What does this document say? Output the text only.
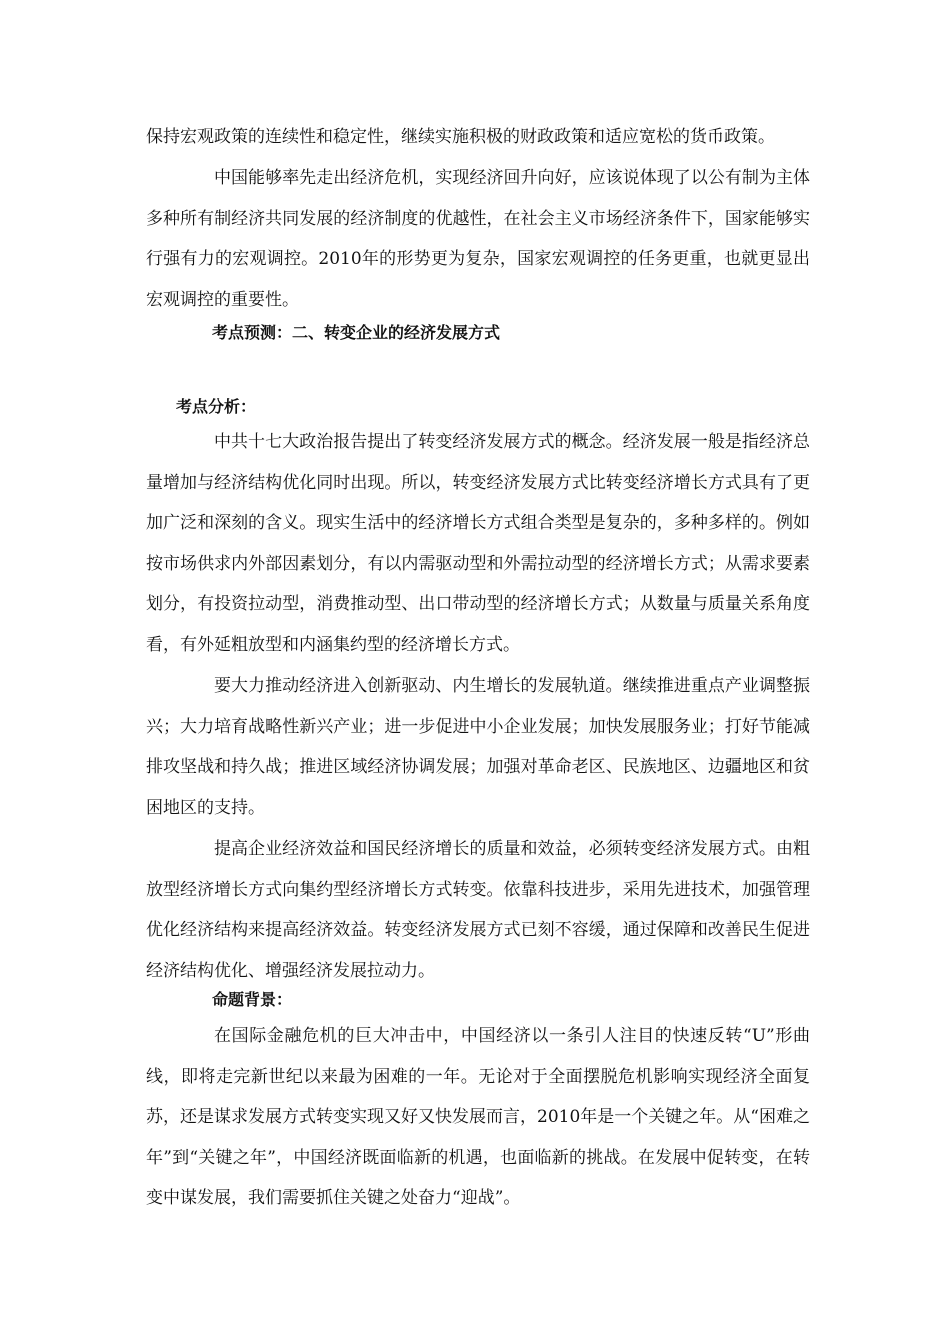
保持宏观政策的连续性和稳定性，继续实施积极的财政政策和适应宽松的货币政策。

中国能够率先走出经济危机，实现经济回升向好，应该说体现了以公有制为主体多种所有制经济共同发展的经济制度的优越性，在社会主义市场经济条件下，国家能够实行强有力的宏观调控。2010年的形势更为复杂，国家宏观调控的任务更重，也就更显出宏观调控的重要性。

考点预测：二、转变企业的经济发展方式
考点分析：

中共十七大政治报告提出了转变经济发展方式的概念。经济发展一般是指经济总量增加与经济结构优化同时出现。所以，转变经济发展方式比转变经济增长方式具有了更加广泛和深刻的含义。现实生活中的经济增长方式组合类型是复杂的，多种多样的。例如按市场供求内外部因素划分，有以内需驱动型和外需拉动型的经济增长方式；从需求要素划分，有投资拉动型，消费推动型、出口带动型的经济增长方式；从数量与质量关系角度看，有外延粗放型和内涵集约型的经济增长方式。

要大力推动经济进入创新驱动、内生增长的发展轨道。继续推进重点产业调整振兴；大力培育战略性新兴产业；进一步促进中小企业发展；加快发展服务业；打好节能减排攻坚战和持久战；推进区域经济协调发展；加强对革命老区、民族地区、边疆地区和贫困地区的支持。

提高企业经济效益和国民经济增长的质量和效益，必须转变经济发展方式。由粗放型经济增长方式向集约型经济增长方式转变。依靠科技进步，采用先进技术，加强管理优化经济结构来提高经济效益。转变经济发展方式已刻不容缓，通过保障和改善民生促进经济结构优化、增强经济发展拉动力。

命题背景：

在国际金融危机的巨大冲击中，中国经济以一条引人注目的快速反转“U”形曲线，即将走完新世纪以来最为困难的一年。无论对于全面摆脱危机影响实现经济全面复苏，还是谋求发展方式转变实现又好又快发展而言，2010年是一个关键之年。从“困难之年”到“关键之年”，中国经济既面临新的机遇，也面临新的挑战。在发展中促转变，在转变中谋发展，我们需要抓住关键之处奋力“迎战”。
